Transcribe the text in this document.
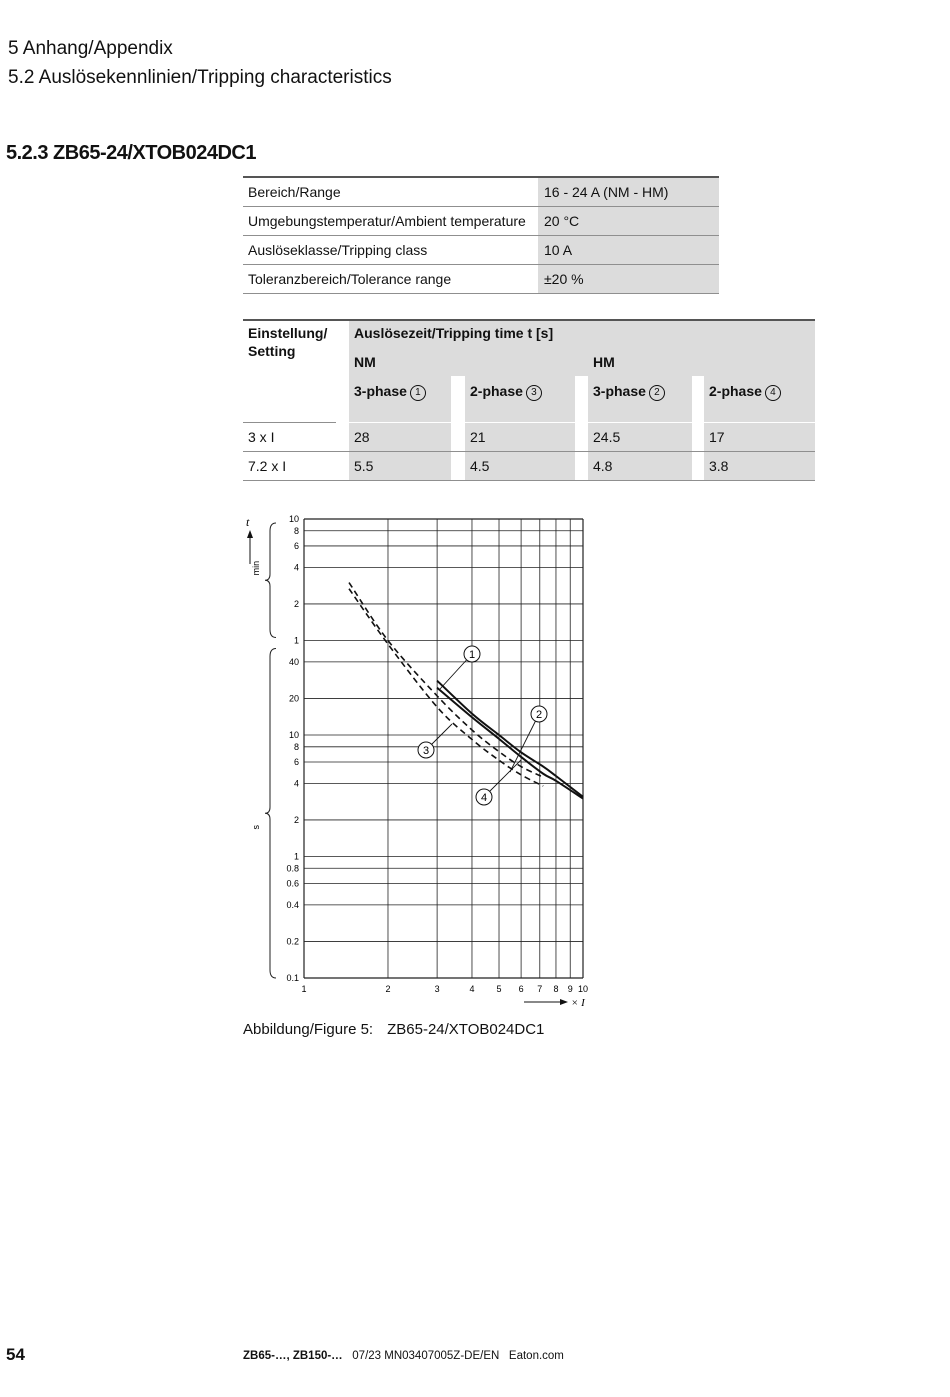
5 Anhang/Appendix
5.2 Auslösekennlinien/Tripping characteristics
5.2.3 ZB65-24/XTOB024DC1
Bereich/Range	16 - 24 A (NM - HM)
Umgebungstemperatur/Ambient temperature	20 °C
Auslöseklasse/Tripping class	10 A
Toleranzbereich/Tolerance range	±20 %
Einstellung/
Setting
Auslösezeit/Tripping time t [s]
NM	HM
3-phase 1	2-phase 3	3-phase 2	2-phase 4
3 x I	28	21	24.5	17
7.2 x I	5.5	4.5	4.8	3.8
1	2	3	4 5 6 7 8 9 10
0.1
0.2
0.4
0.6
0.8
1
2
4
6
8
10
20
40
1
2
4
6
8
10
min
s
t
× I
1
2
3
4
Abbildung/Figure 5: ZB65-24/XTOB024DC1
54	ZB65-…, ZB150-… 07/23 MN03407005Z-DE/EN Eaton.com
